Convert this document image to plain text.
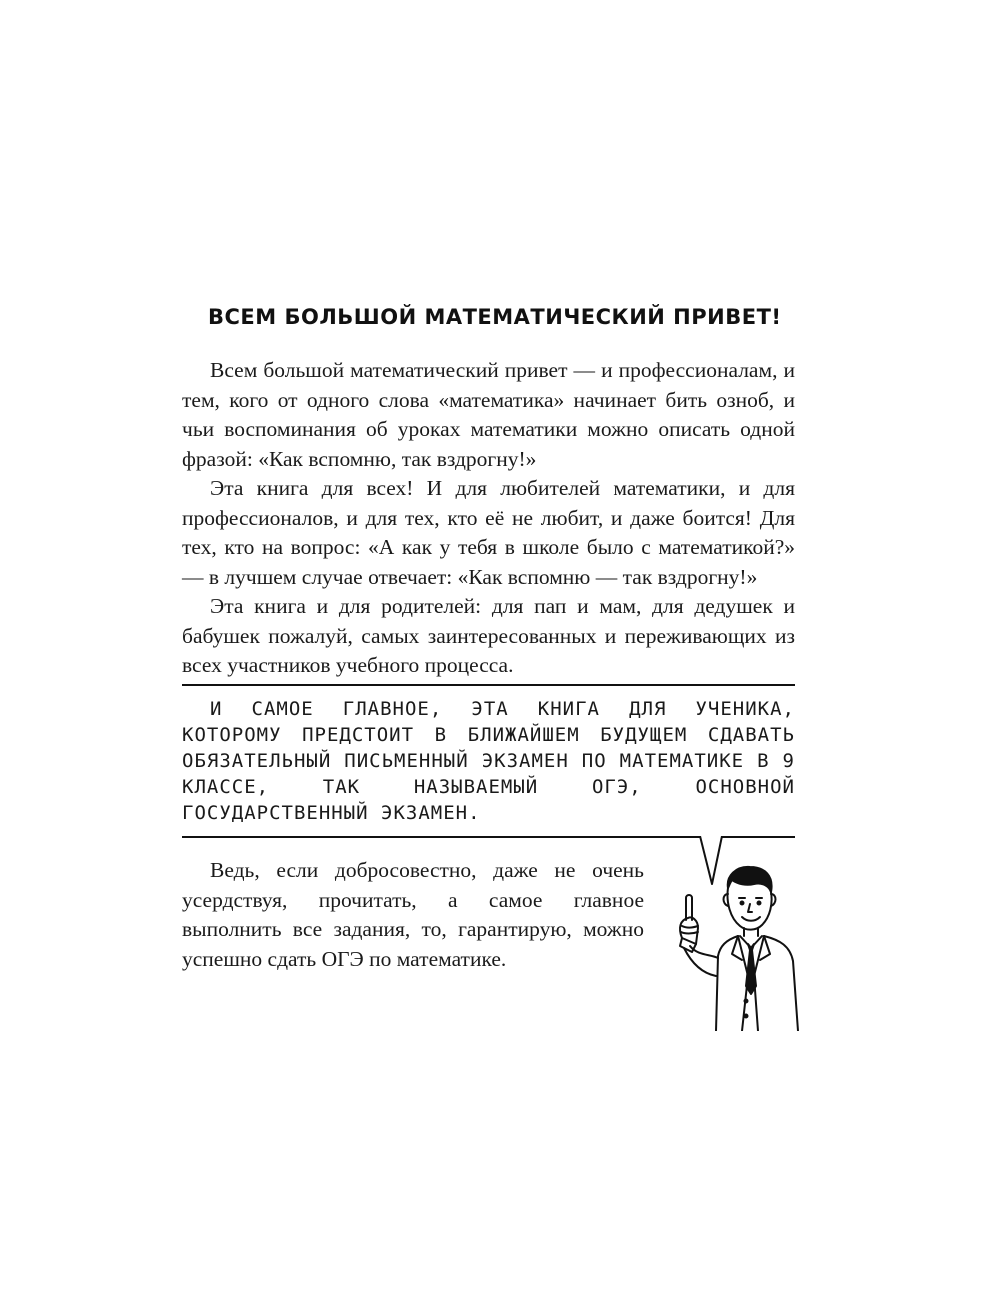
ВСЕМ БОЛЬШОЙ МАТЕМАТИЧЕСКИЙ ПРИВЕТ!

Всем большой математический привет — и профессионалам, и тем, кого от одного слова «математика» начинает бить озноб, и чьи воспоминания об уроках математики можно описать одной фразой: «Как вспомню, так вздрогну!»

Эта книга для всех! И для любителей математики, и для профессионалов, и для тех, кто её не любит, и даже боится! Для тех, кто на вопрос: «А как у тебя в школе было с математикой?» — в лучшем случае отвечает: «Как вспомню — так вздрогну!»

Эта книга и для родителей: для пап и мам, для дедушек и бабушек пожалуй, самых заинтересованных и переживающих из всех участников учебного процесса.

И САМОЕ ГЛАВНОЕ, ЭТА КНИГА ДЛЯ УЧЕНИКА, КОТОРОМУ ПРЕДСТОИТ В БЛИЖАЙШЕМ БУДУЩЕМ СДАВАТЬ ОБЯЗАТЕЛЬНЫЙ ПИСЬМЕННЫЙ ЭКЗАМЕН ПО МАТЕМАТИКЕ В 9 КЛАССЕ, ТАК НАЗЫВАЕМЫЙ ОГЭ, ОСНОВНОЙ ГОСУДАРСТВЕННЫЙ ЭКЗАМЕН.
Ведь, если добросовестно, даже не очень усердствуя, прочитать, а самое главное выполнить все задания, то, гарантирую, можно успешно сдать ОГЭ по математике.
